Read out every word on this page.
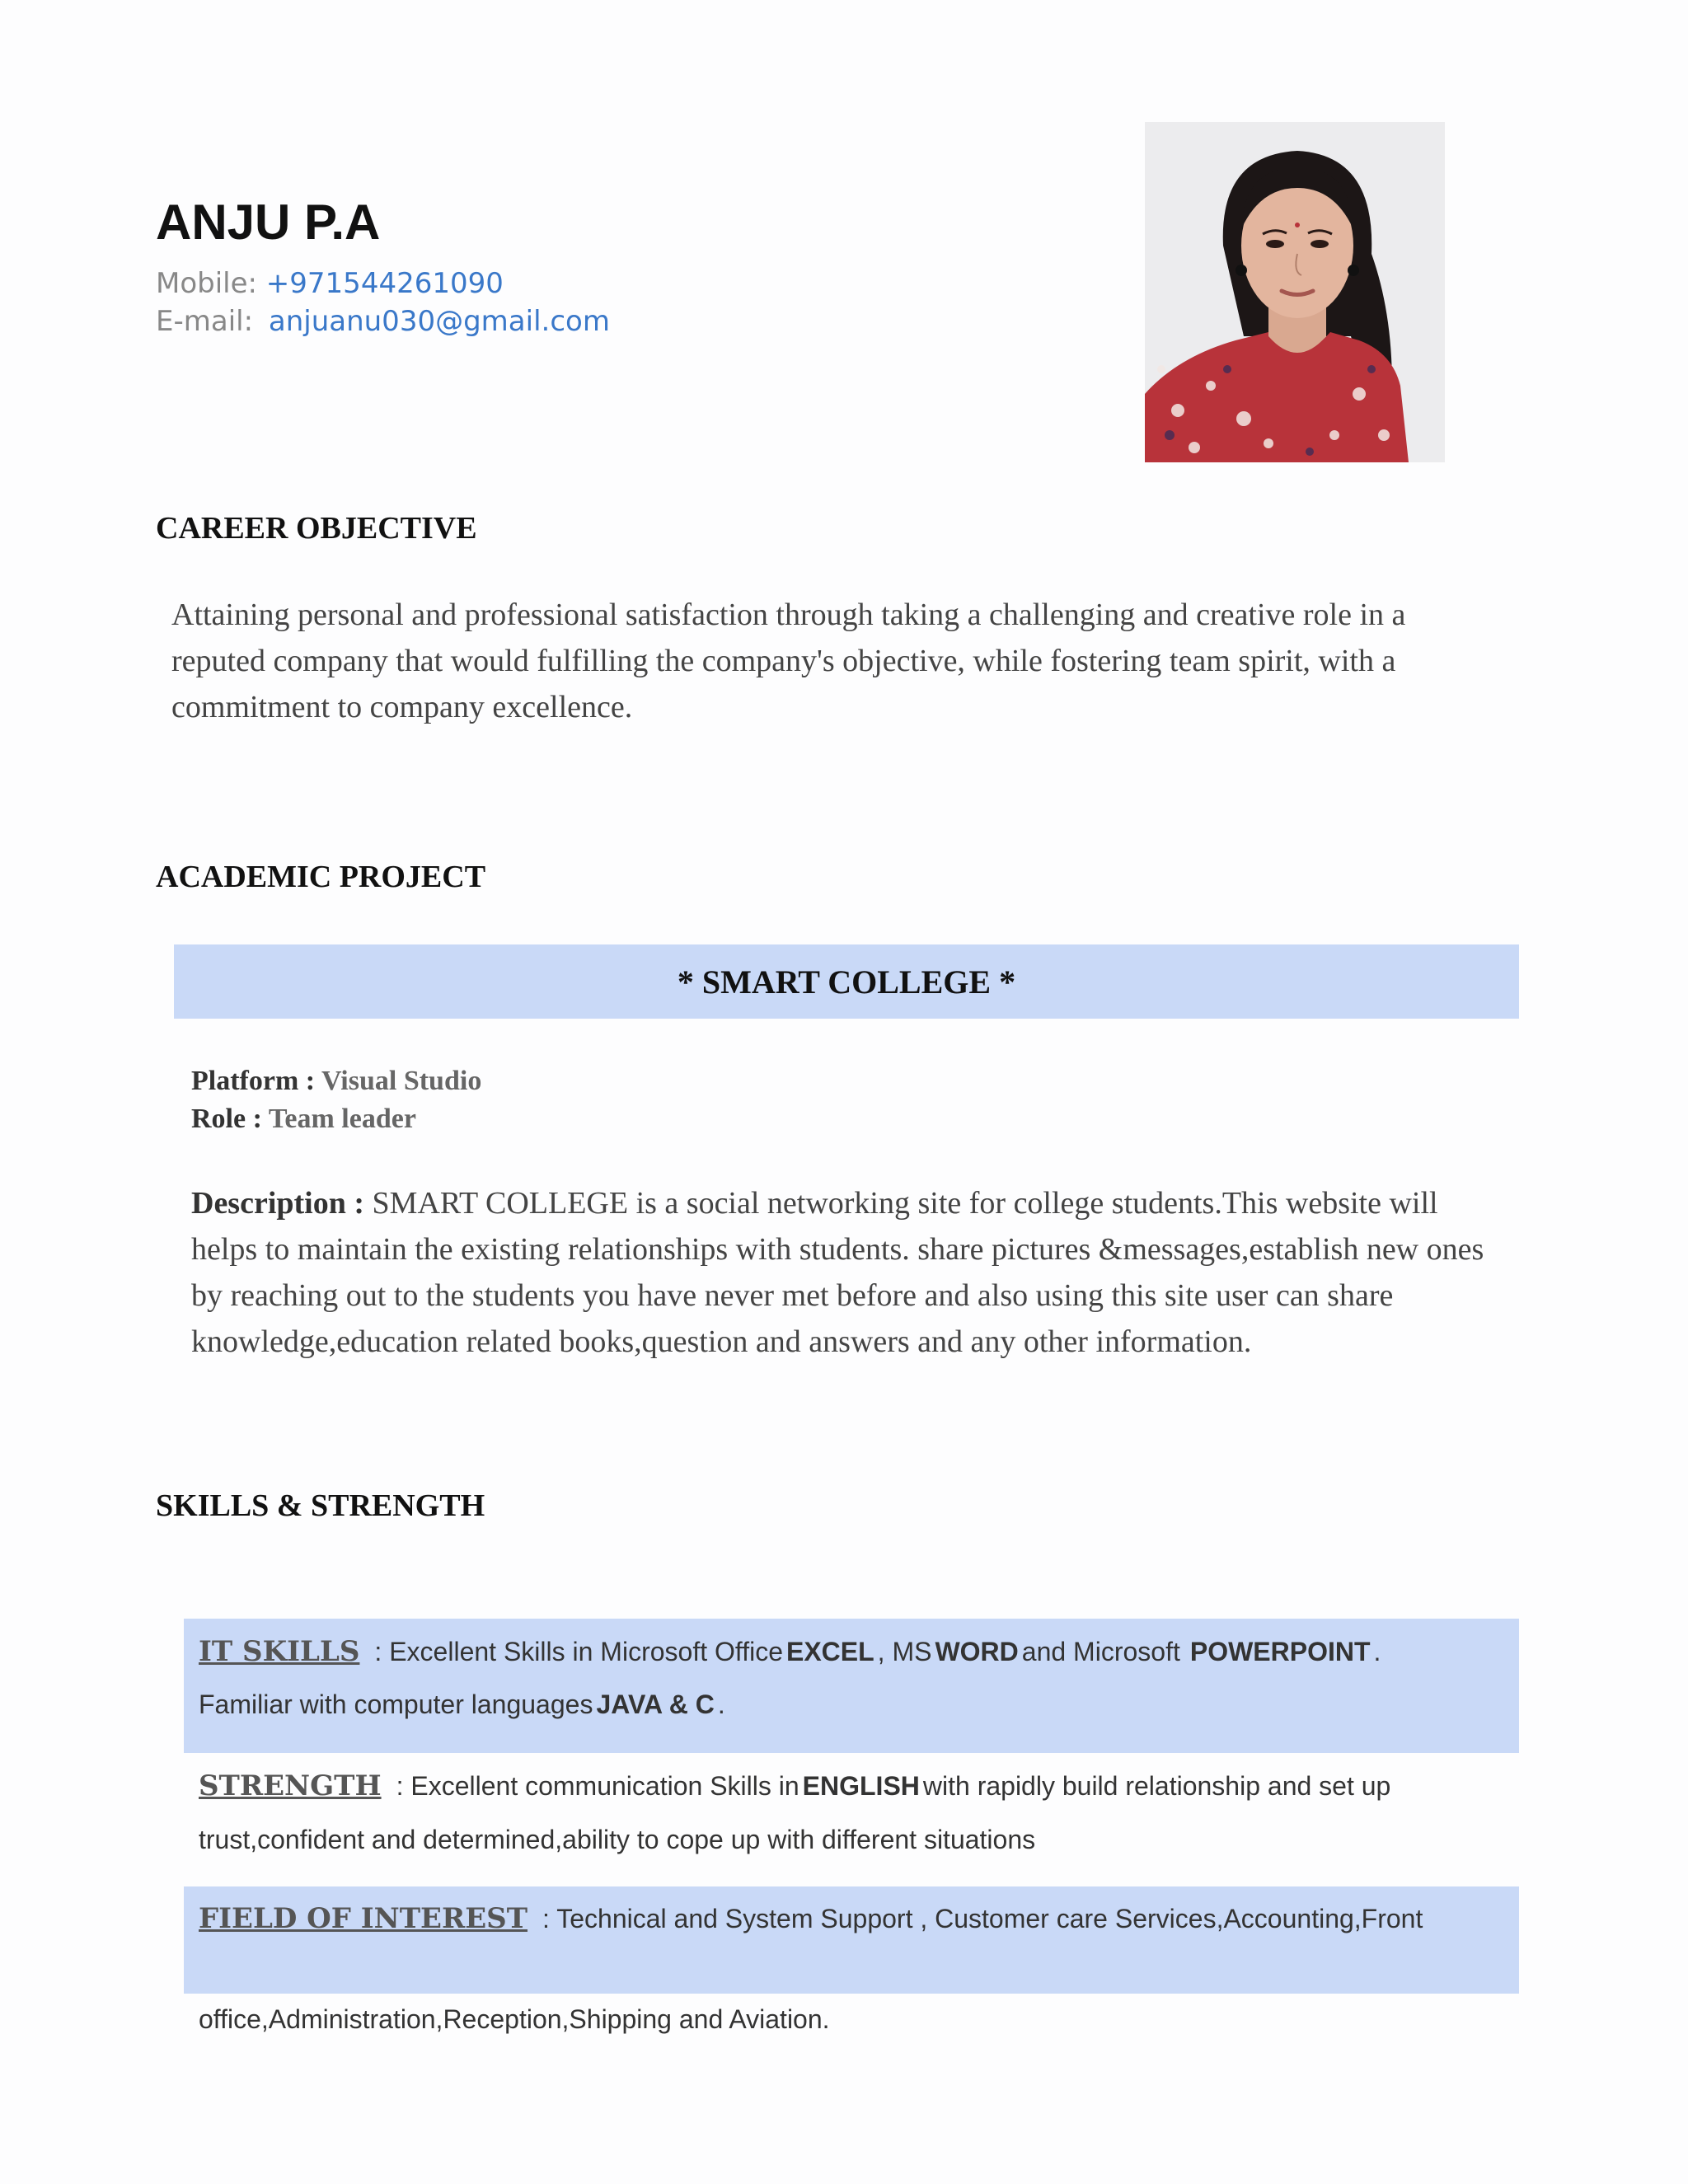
ANJU P.A
Mobile: +971544261090
E-mail: anjuanu030@gmail.com
CAREER OBJECTIVE

Attaining personal and professional satisfaction through taking a challenging and creative role in a reputed company that would fulfilling the company's objective, while fostering team spirit, with a commitment to company excellence.

ACADEMIC PROJECT
* SMART COLLEGE *
Platform : Visual Studio
Role : Team leader

Description : SMART COLLEGE is a social networking site for college students.This website will helps to maintain the existing relationships with students. share pictures &messages,establish new ones by reaching out to the students you have never met before and also using this site user can share knowledge,education related books,question and answers and any other information.

SKILLS & STRENGTH
IT SKILLS : Excellent Skills in Microsoft Office EXCEL , MS WORD and Microsoft POWERPOINT .
Familiar with computer languages JAVA & C .
STRENGTH : Excellent communication Skills in ENGLISH with rapidly build relationship and set up
trust,confident and determined,ability to cope up with different situations
FIELD OF INTEREST : Technical and System Support , Customer care Services,Accounting,Front
office,Administration,Reception,Shipping and Aviation.
